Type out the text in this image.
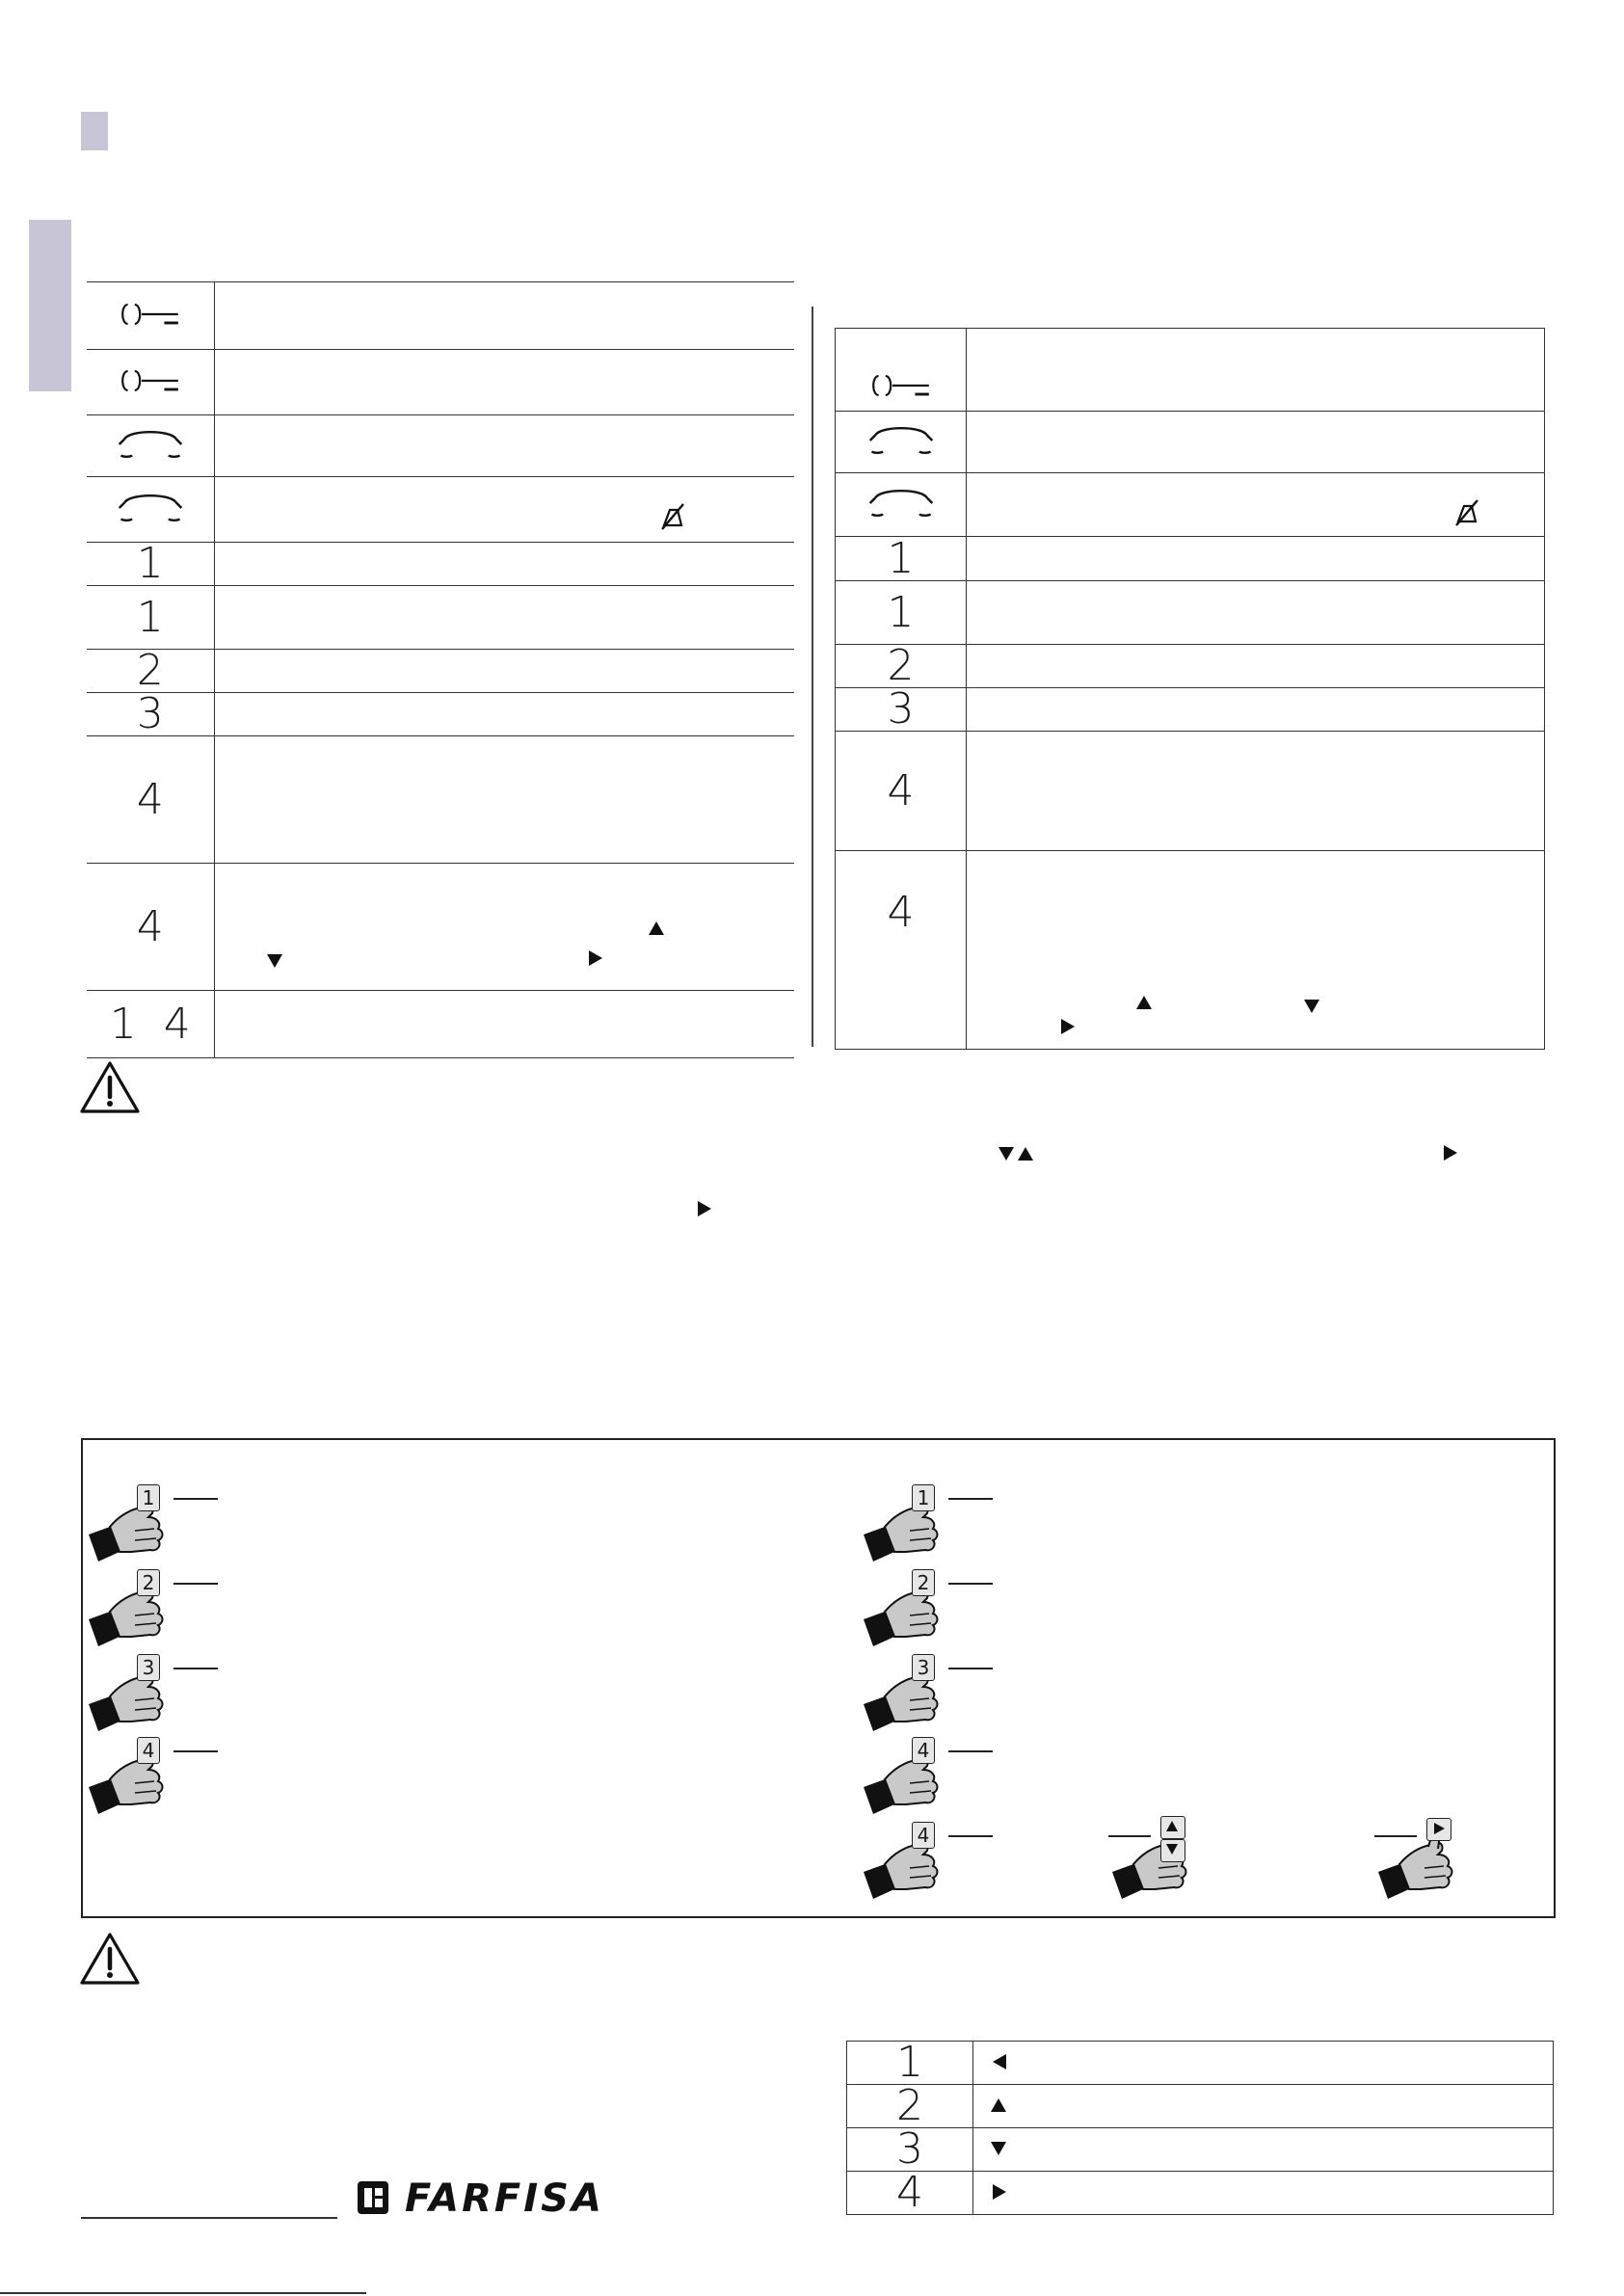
1	
1	
2	
3	
4	
4	

1  4	

1	
1	
2	
3	
4	
4	
1	

2	

3	

4	
FARFISA
1
2
3
4
1
2
3
4
4
